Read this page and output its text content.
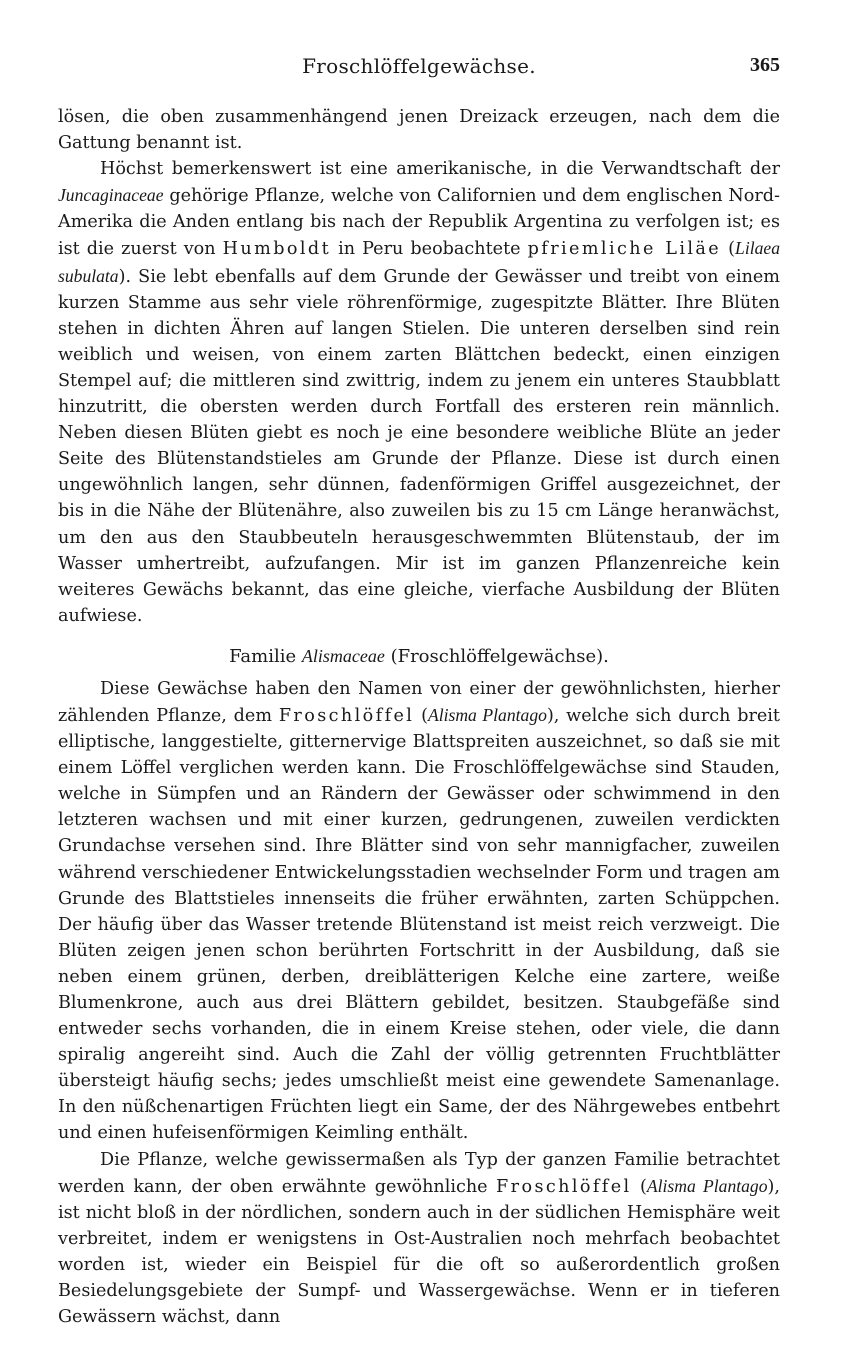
Froschlöffelgewächse.	365

lösen, die oben zusammenhängend jenen Dreizack erzeugen, nach dem die Gattung benannt ist.

Höchst bemerkenswert ist eine amerikanische, in die Verwandtschaft der Juncaginaceae gehörige Pflanze, welche von Californien und dem englischen Nord-Amerika die Anden entlang bis nach der Republik Argentina zu verfolgen ist; es ist die zuerst von Humboldt in Peru beobachtete pfriemliche Liläe (Lilaea subulata). Sie lebt ebenfalls auf dem Grunde der Gewässer und treibt von einem kurzen Stamme aus sehr viele röhrenförmige, zugespitzte Blätter. Ihre Blüten stehen in dichten Ähren auf langen Stielen. Die unteren derselben sind rein weiblich und weisen, von einem zarten Blättchen bedeckt, einen einzigen Stempel auf; die mittleren sind zwittrig, indem zu jenem ein unteres Staubblatt hinzutritt, die obersten werden durch Fortfall des ersteren rein männlich. Neben diesen Blüten giebt es noch je eine besondere weibliche Blüte an jeder Seite des Blütenstandstieles am Grunde der Pflanze. Diese ist durch einen ungewöhnlich langen, sehr dünnen, fadenförmigen Griffel ausgezeichnet, der bis in die Nähe der Blütenähre, also zuweilen bis zu 15 cm Länge heranwächst, um den aus den Staubbeuteln herausgeschwemmten Blütenstaub, der im Wasser umhertreibt, aufzufangen. Mir ist im ganzen Pflanzenreiche kein weiteres Gewächs bekannt, das eine gleiche, vierfache Ausbildung der Blüten aufwiese.

Familie Alismaceae (Froschlöffelgewächse).

Diese Gewächse haben den Namen von einer der gewöhnlichsten, hierher zählenden Pflanze, dem Froschlöffel (Alisma Plantago), welche sich durch breit elliptische, langgestielte, gitternervige Blattspreiten auszeichnet, so daß sie mit einem Löffel verglichen werden kann. Die Froschlöffelgewächse sind Stauden, welche in Sümpfen und an Rändern der Gewässer oder schwimmend in den letzteren wachsen und mit einer kurzen, gedrungenen, zuweilen verdickten Grundachse versehen sind. Ihre Blätter sind von sehr mannigfacher, zuweilen während verschiedener Entwickelungsstadien wechselnder Form und tragen am Grunde des Blattstieles innenseits die früher erwähnten, zarten Schüppchen. Der häufig über das Wasser tretende Blütenstand ist meist reich verzweigt. Die Blüten zeigen jenen schon berührten Fortschritt in der Ausbildung, daß sie neben einem grünen, derben, dreiblätterigen Kelche eine zartere, weiße Blumenkrone, auch aus drei Blättern gebildet, besitzen. Staubgefäße sind entweder sechs vorhanden, die in einem Kreise stehen, oder viele, die dann spiralig angereiht sind. Auch die Zahl der völlig getrennten Fruchtblätter übersteigt häufig sechs; jedes umschließt meist eine gewendete Samenanlage. In den nüßchenartigen Früchten liegt ein Same, der des Nährgewebes entbehrt und einen hufeisenförmigen Keimling enthält.

Die Pflanze, welche gewissermaßen als Typ der ganzen Familie betrachtet werden kann, der oben erwähnte gewöhnliche Froschlöffel (Alisma Plantago), ist nicht bloß in der nördlichen, sondern auch in der südlichen Hemisphäre weit verbreitet, indem er wenigstens in Ost-Australien noch mehrfach beobachtet worden ist, wieder ein Beispiel für die oft so außerordentlich großen Besiedelungsgebiete der Sumpf- und Wassergewächse. Wenn er in tieferen Gewässern wächst, dann
